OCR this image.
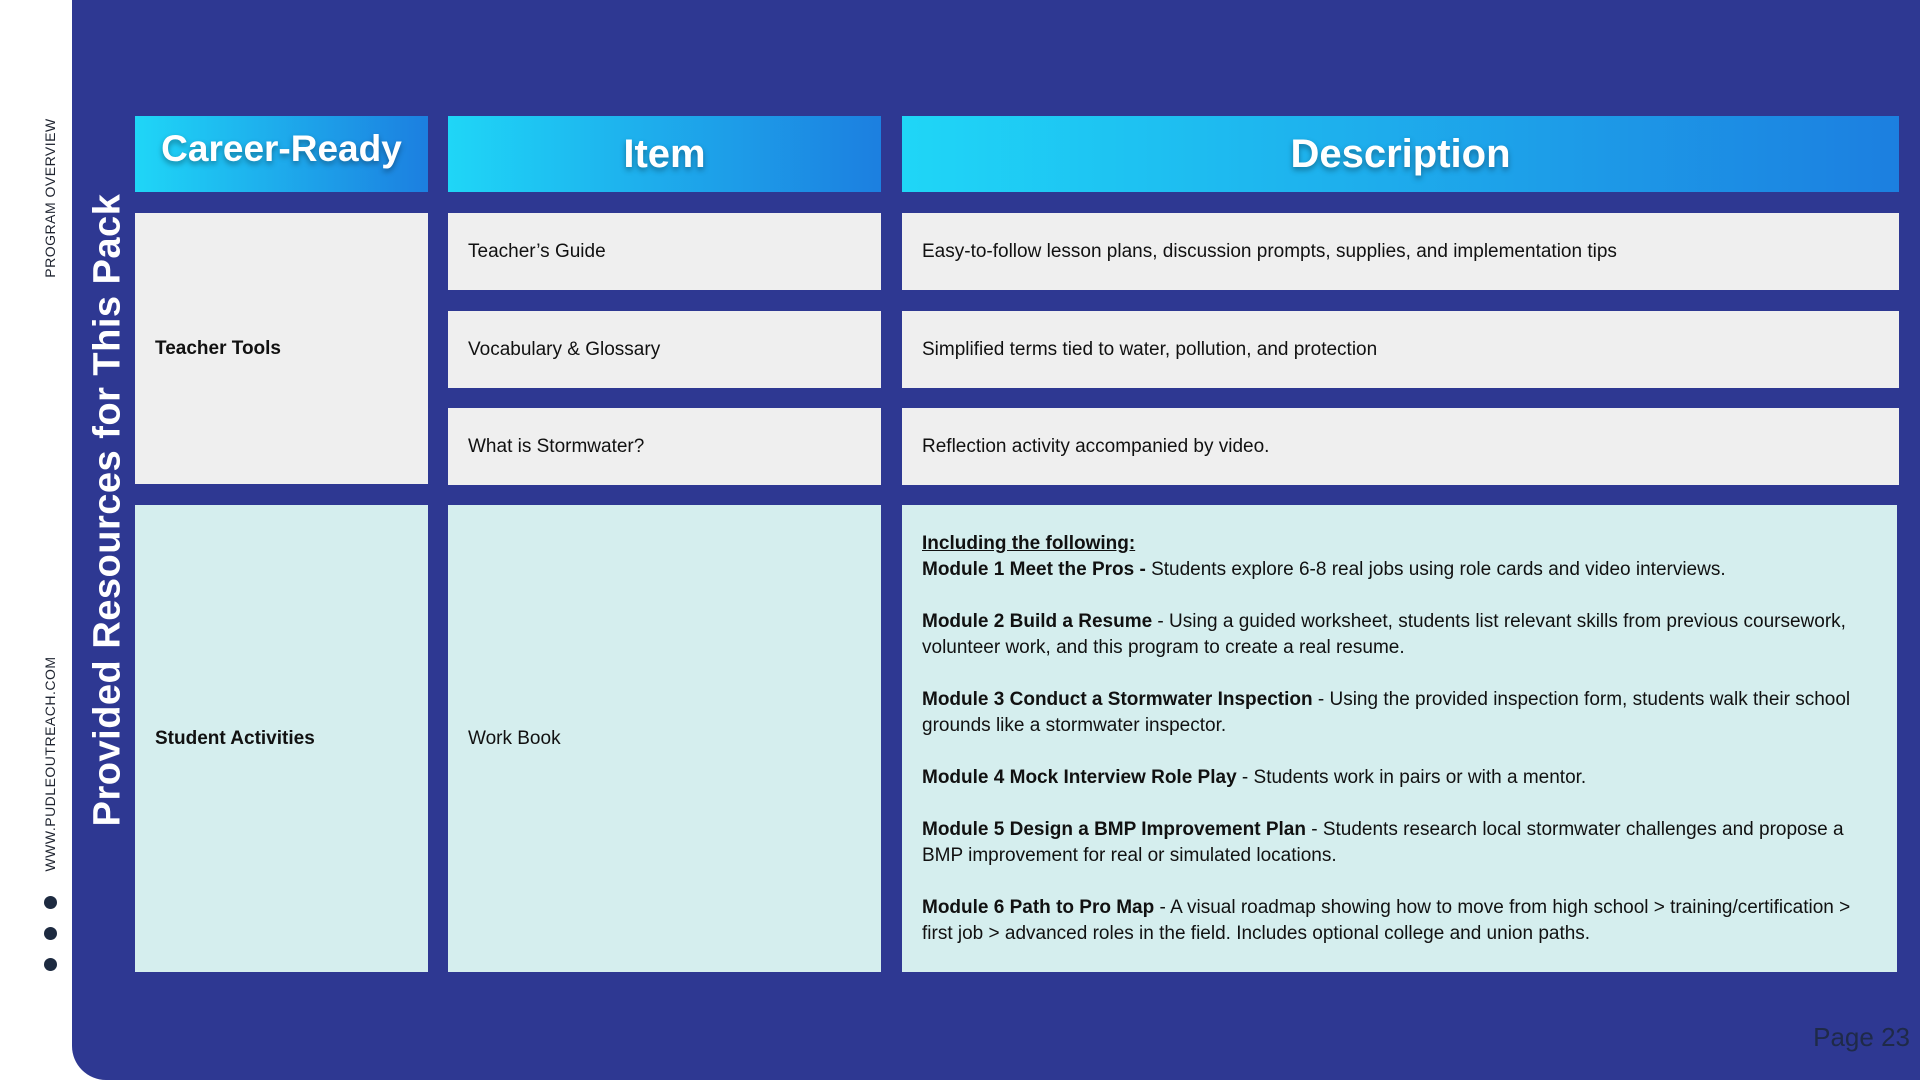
PROGRAM OVERVIEW
WWW.PUDLEOUTREACH.COM Provided Resources for This Pack
Career-Ready	Item	Description
Teacher Tools
Teacher’s Guide	Easy-to-follow lesson plans, discussion prompts, supplies, and implementation tips
Vocabulary & Glossary	Simplified terms tied to water, pollution, and protection
What is Stormwater?	Reflection activity accompanied by video.
Student Activities	Work Book
Including the following:
Module 1 Meet the Pros - Students explore 6-8 real jobs using role cards and video interviews.
Module 2 Build a Resume - Using a guided worksheet, students list relevant skills from previous coursework, volunteer work, and this program to create a real resume.
Module 3 Conduct a Stormwater Inspection - Using the provided inspection form, students walk their school grounds like a stormwater inspector.
Module 4 Mock Interview Role Play - Students work in pairs or with a mentor.
Module 5 Design a BMP Improvement Plan - Students research local stormwater challenges and propose a BMP improvement for real or simulated locations.
Module 6 Path to Pro Map - A visual roadmap showing how to move from high school > training/certification > first job > advanced roles in the field. Includes optional college and union paths.
Page 23
